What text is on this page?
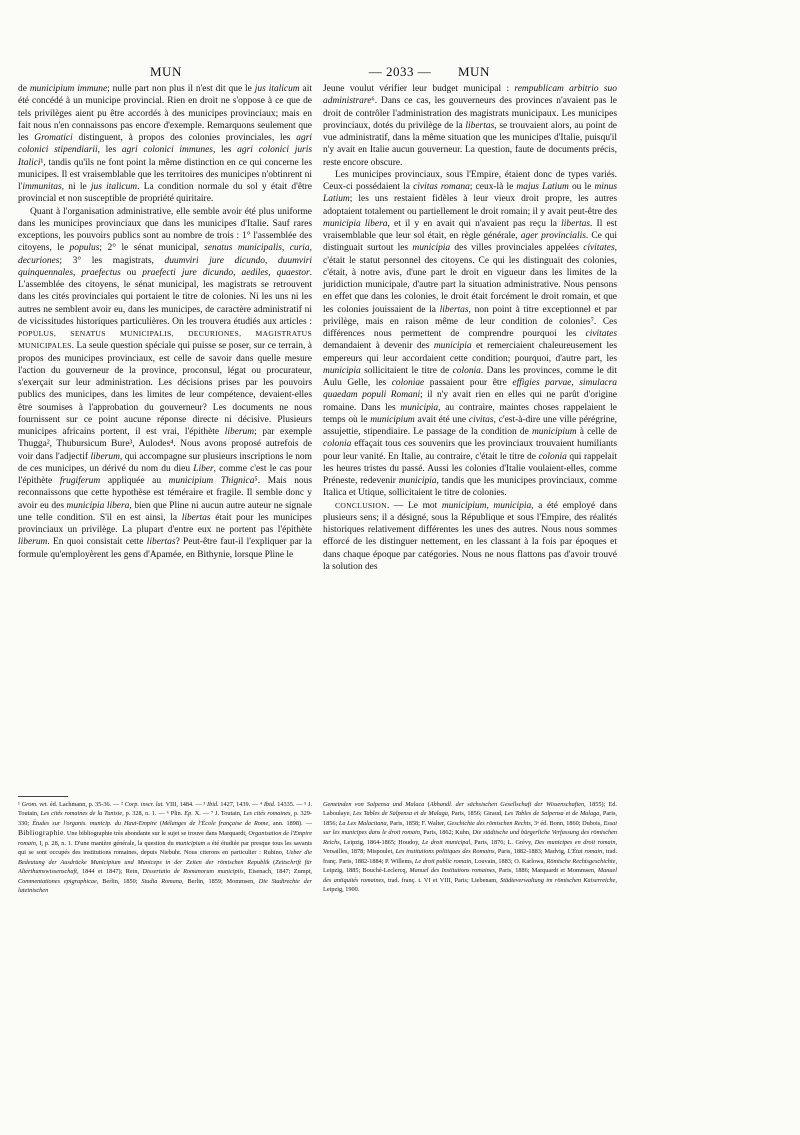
MUN	— 2033 —	MUN

de municipium immune; nulle part non plus il n'est dit que le jus italicum ait été concédé à un municipe provincial. Rien en droit ne s'oppose à ce que de tels privilèges aient pu être accordés à des municipes provinciaux; mais en fait nous n'en connaissons pas encore d'exemple. Remarquons seulement que les Gromatici distinguent, à propos des colonies provinciales, les agri colonici stipendiarii, les agri colonici immunes, les agri colonici juris Italici¹, tandis qu'ils ne font point la même distinction en ce qui concerne les municipes. Il est vraisemblable que les territoires des municipes n'obtinrent ni l'immunitas, ni le jus italicum. La condition normale du sol y était d'être provincial et non susceptible de propriété quiritaire.

Quant à l'organisation administrative, elle semble avoir été plus uniforme dans les municipes provinciaux que dans les municipes d'Italie. Sauf rares exceptions, les pouvoirs publics sont au nombre de trois : 1° l'assemblée des citoyens, le populus; 2° le sénat municipal, senatus municipalis, curia, decuriones; 3° les magistrats, duumviri jure dicundo, duumviri quinquennales, praefectus ou praefecti jure dicundo, aediles, quaestor. L'assemblée des citoyens, le sénat municipal, les magistrats se retrouvent dans les cités provinciales qui portaient le titre de colonies. Ni les uns ni les autres ne semblent avoir eu, dans les municipes, de caractère administratif ni de vicissitudes historiques particulières. On les trouvera étudiés aux articles : POPULUS, SENATUS MUNICIPALIS, DECURIONES, MAGISTRATUS MUNICIPALES. La seule question spéciale qui puisse se poser, sur ce terrain, à propos des municipes provinciaux, est celle de savoir dans quelle mesure l'action du gouverneur de la province, proconsul, légat ou procurateur, s'exerçait sur leur administration. Les décisions prises par les pouvoirs publics des municipes, dans les limites de leur compétence, devaient-elles être soumises à l'approbation du gouverneur? Les documents ne nous fournissent sur ce point aucune réponse directe ni décisive. Plusieurs municipes africains portent, il est vrai, l'épithète liberum; par exemple Thugga², Thubursicum Bure³, Aulodes⁴. Nous avons proposé autrefois de voir dans l'adjectif liberum, qui accompagne sur plusieurs inscriptions le nom de ces municipes, un dérivé du nom du dieu Liber, comme c'est le cas pour l'épithète frugiferum appliquée au municipium Thignica⁵. Mais nous reconnaissons que cette hypothèse est téméraire et fragile. Il semble donc y avoir eu des municipia libera, bien que Pline ni aucun autre auteur ne signale une telle condition. S'il en est ainsi, la libertas était pour les municipes provinciaux un privilège. La plupart d'entre eux ne portent pas l'épithète liberum. En quoi consistait cette libertas? Peut-être faut-il l'expliquer par la formule qu'employèrent les gens d'Apamée, en Bithynie, lorsque Pline le

Jeune voulut vérifier leur budget municipal : rempublicam arbitrio suo administrare⁶. Dans ce cas, les gouverneurs des provinces n'avaient pas le droit de contrôler l'administration des magistrats municipaux. Les municipes provinciaux, dotés du privilège de la libertas, se trouvaient alors, au point de vue administratif, dans la même situation que les municipes d'Italie, puisqu'il n'y avait en Italie aucun gouverneur. La question, faute de documents précis, reste encore obscure.

Les municipes provinciaux, sous l'Empire, étaient donc de types variés. Ceux-ci possédaient la civitas romana; ceux-là le majus Latium ou le minus Latium; les uns restaient fidèles à leur vieux droit propre, les autres adoptaient totalement ou partiellement le droit romain; il y avait peut-être des municipia libera, et il y en avait qui n'avaient pas reçu la libertas. Il est vraisemblable que leur sol était, en règle générale, ager provincialis. Ce qui distinguait surtout les municipia des villes provinciales appelées civitates, c'était le statut personnel des citoyens. Ce qui les distinguait des colonies, c'était, à notre avis, d'une part le droit en vigueur dans les limites de la juridiction municipale, d'autre part la situation administrative. Nous pensons en effet que dans les colonies, le droit était forcément le droit romain, et que les colonies jouissaient de la libertas, non point à titre exceptionnel et par privilège, mais en raison même de leur condition de colonies⁷. Ces différences nous permettent de comprendre pourquoi les civitates demandaient à devenir des municipia et remerciaient chaleureusement les empereurs qui leur accordaient cette condition; pourquoi, d'autre part, les municipia sollicitaient le titre de colonia. Dans les provinces, comme le dit Aulu Gelle, les coloniae passaient pour être effigies parvae, simulacra quaedam populi Romani; il n'y avait rien en elles qui ne parût d'origine romaine. Dans les municipia, au contraire, maintes choses rappelaient le temps où le municipium avait été une civitas, c'est-à-dire une ville pérégrine, assujettie, stipendiaire. Le passage de la condition de municipium à celle de colonia effaçait tous ces souvenirs que les provinciaux trouvaient humiliants pour leur vanité. En Italie, au contraire, c'était le titre de colonia qui rappelait les heures tristes du passé. Aussi les colonies d'Italie voulaient-elles, comme Préneste, redevenir municipia, tandis que les municipes provinciaux, comme Italica et Utique, sollicitaient le titre de colonies.

CONCLUSION. — Le mot municipium, municipia, a été employé dans plusieurs sens; il a désigné, sous la République et sous l'Empire, des réalités historiques relativement différentes les unes des autres. Nous nous sommes efforcé de les distinguer nettement, en les classant à la fois par époques et dans chaque époque par catégories. Nous ne nous flattons pas d'avoir trouvé la solution des

¹ Grom. vet. éd. Lachmann, p. 35-36. — ² Corp. inscr. lat. VIII, 1484. — ³ Ibid. 1427, 1439. — ⁴ Ibid. 14335. — ⁵ J. Toutain, Les cités romaines de la Tunisie, p. 328, n. 1. — ⁶ Plin. Ep. X. — ⁷ J. Toutain, Les cités romaines, p. 329-330; Études sur l'organis. municip. du Haut-Empire (Mélanges de l'École française de Rome, ann. 1898). — Bibliographie. Une bibliographie très abondante sur le sujet se trouve dans Marquardt, Organisation de l'Empire romain, I, p. 28, n. 1. D'une manière générale, la question du municipium a été étudiée par presque tous les savants qui se sont occupés des institutions romaines, depuis Niebuhr. Nous citerons en particulier : Rubino, Ueber die Bedeutung der Ausdrücke Municipium und Municeps in der Zeiten der römischen Republik (Zeitschrift für Alterthumswissenschaft, 1844 et 1847); Rein, Dissertatio de Romanorum municipiis, Eisenach, 1847; Zumpt, Commentationes epigraphicae, Berlin, 1850; Studia Romana, Berlin, 1859; Mommsen, Die Stadtrechte der lateinischen
Gemeinden von Salpensa und Malaca (Abhandl. der sächsischen Gesellschaft der Wissenschaften, 1855); Ed. Laboulaye, Les Tables de Salpensa et de Malaga, Paris, 1856; Giraud, Les Tables de Salpensa et de Malaga, Paris, 1856; La Lex Malacitana, Paris, 1858; F. Walter, Geschichte des römischen Rechts, 3ᵉ éd. Bonn, 1860; Dubois, Essai sur les municipes dans le droit romain, Paris, 1862; Kuhn, Die städtische und bürgerliche Verfassung des römischen Reichs, Leipzig, 1864-1865; Houdoy, Le droit municipal, Paris, 1876; L. Grévy, Des municipes en droit romain, Versailles, 1878; Mispoulet, Les institutions politiques des Romains, Paris, 1882-1883; Madvig, L'État romain, trad. franç. Paris, 1882-1884; P. Willems, Le droit public romain, Louvain, 1883; O. Karlowa, Römische Rechtsgeschichte, Leipzig, 1885; Bouché-Leclercq, Manuel des Institutions romaines, Paris, 1886; Marquardt et Mommsen, Manuel des antiquités romaines, trad. franç. t. VI et VIII, Paris; Liebenam, Städteverwaltung im römischen Kaiserreiche, Leipzig, 1900.
